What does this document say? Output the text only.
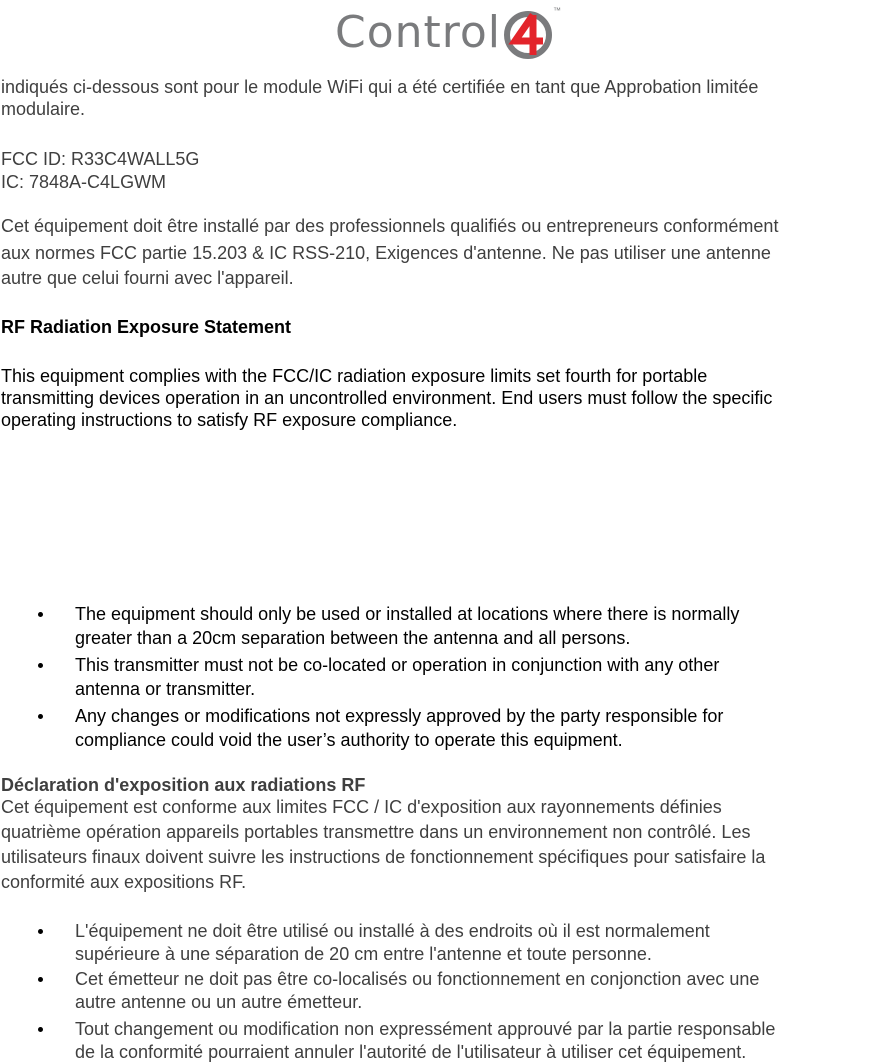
Control	™

indiqués ci-dessous sont pour le module WiFi qui a été certifiée en tant que Approbation limitée

modulaire.

FCC ID: R33C4WALL5G

IC: 7848A-C4LGWM

Cet équipement doit être installé par des professionnels qualifiés ou entrepreneurs conformément

aux normes FCC partie 15.203 & IC RSS-210, Exigences d'antenne. Ne pas utiliser une antenne

autre que celui fourni avec l'appareil.

RF Radiation Exposure Statement

This equipment complies with the FCC/IC radiation exposure limits set fourth for portable

transmitting devices operation in an uncontrolled environment. End users must follow the specific

operating instructions to satisfy RF exposure compliance.

The equipment should only be used or installed at locations where there is normally

greater than a 20cm separation between the antenna and all persons.

This transmitter must not be co-located or operation in conjunction with any other

antenna or transmitter.

Any changes or modifications not expressly approved by the party responsible for

compliance could void the user’s authority to operate this equipment.

Déclaration d'exposition aux radiations RF

Cet équipement est conforme aux limites FCC / IC d'exposition aux rayonnements définies

quatrième opération appareils portables transmettre dans un environnement non contrôlé. Les

utilisateurs finaux doivent suivre les instructions de fonctionnement spécifiques pour satisfaire la

conformité aux expositions RF.

L'équipement ne doit être utilisé ou installé à des endroits où il est normalement

supérieure à une séparation de 20 cm entre l'antenne et toute personne.

Cet émetteur ne doit pas être co-localisés ou fonctionnement en conjonction avec une

autre antenne ou un autre émetteur.

Tout changement ou modification non expressément approuvé par la partie responsable

de la conformité pourraient annuler l'autorité de l'utilisateur à utiliser cet équipement.
